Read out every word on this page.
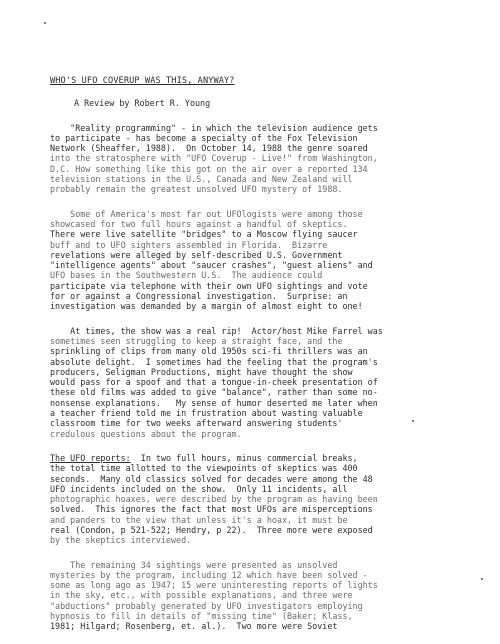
WHO'S UFO COVERUP WAS THIS, ANYWAY?
A Review by Robert R. Young
"Reality programming" - in which the television audience gets
to participate - has become a specialty of the Fox Television
Network (Sheaffer, 1988).  On October 14, 1988 the genre soared
into the stratosphere with "UFO Coverup - Live!" from Washington,
D.C. How something like this got on the air over a reported 134
television stations in the U.S., Canada and New Zealand will
probably remain the greatest unsolved UFO mystery of 1988.
Some of America's most far out UFOlogists were among those
showcased for two full hours against a handful of skeptics.
There were live satellite "bridges" to a Moscow flying saucer
buff and to UFO sighters assembled in Florida.  Bizarre
revelations were alleged by self-described U.S. Government
"intelligence agents" about "saucer crashes", "guest aliens" and
UFO bases in the Southwestern U.S.  The audience could
participate via telephone with their own UFO sightings and vote
for or against a Congressional investigation.  Surprise: an
investigation was demanded by a margin of almost eight to one!
At times, the show was a real rip!  Actor/host Mike Farrel was
sometimes seen struggling to keep a straight face, and the
sprinkling of clips from many old 1950s sci-fi thrillers was an
absolute delight.  I sometimes had the feeling that the program's
producers, Seligman Productions, might have thought the show
would pass for a spoof and that a tongue-in-cheek presentation of
these old films was added to give "balance", rather than some no-
nonsense explanations.   My sense of humor deserted me later when
a teacher friend told me in frustration about wasting valuable
classroom time for two weeks afterward answering students'
credulous questions about the program.
The UFO reports:  In two full hours, minus commercial breaks,
the total time allotted to the viewpoints of skeptics was 400
seconds.  Many old classics solved for decades were among the 48
UFO incidents included on the show.  Only 11 incidents, all
photographic hoaxes, were described by the program as having been
solved.  This ignores the fact that most UFOs are misperceptions
and panders to the view that unless it's a hoax, it must be
real (Condon, p 521-522; Hendry, p 22).  Three more were exposed
by the skeptics interviewed.
The remaining 34 sightings were presented as unsolved
mysteries by the program, including 12 which have been solved -
some as long ago as 1947; 15 were uninteresting reports of lights
in the sky, etc., with possible explanations, and three were
"abductions" probably generated by UFO investigators employing
hypnosis to fill in details of "missing time" (Baker; Klass,
1981; Hilgard; Rosenberg, et. al.).  Two more were Soviet
